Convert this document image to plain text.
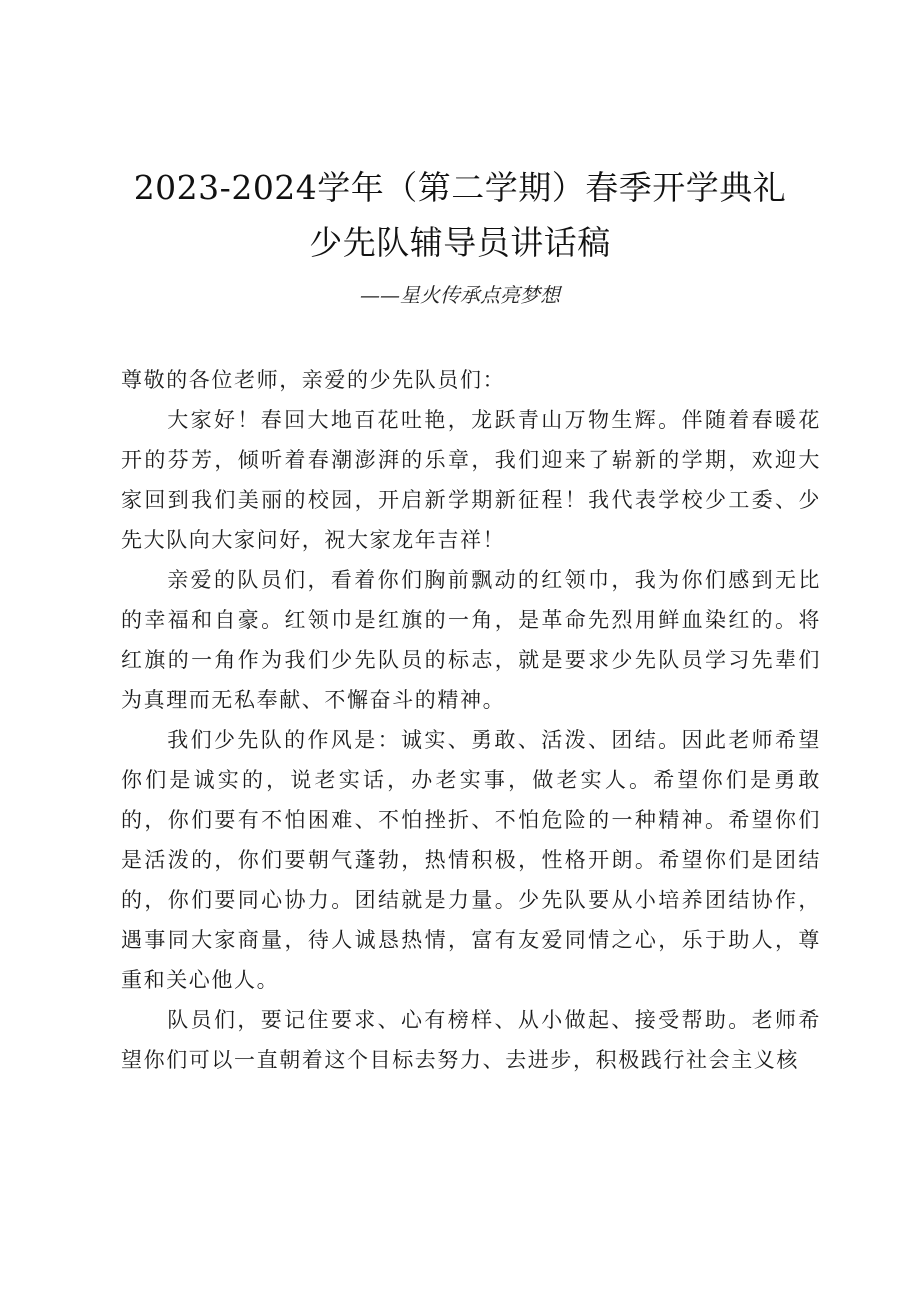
2023-2024学年（第二学期）春季开学典礼
少先队辅导员讲话稿
——星火传承点亮梦想

尊敬的各位老师，亲爱的少先队员们：

大家好！春回大地百花吐艳，龙跃青山万物生辉。伴随着春暖花开的芬芳，倾听着春潮澎湃的乐章，我们迎来了崭新的学期，欢迎大家回到我们美丽的校园，开启新学期新征程！我代表学校少工委、少先大队向大家问好，祝大家龙年吉祥！

亲爱的队员们，看着你们胸前飘动的红领巾，我为你们感到无比的幸福和自豪。红领巾是红旗的一角，是革命先烈用鲜血染红的。将红旗的一角作为我们少先队员的标志，就是要求少先队员学习先辈们为真理而无私奉献、不懈奋斗的精神。

我们少先队的作风是：诚实、勇敢、活泼、团结。因此老师希望你们是诚实的，说老实话，办老实事，做老实人。希望你们是勇敢的，你们要有不怕困难、不怕挫折、不怕危险的一种精神。希望你们是活泼的，你们要朝气蓬勃，热情积极，性格开朗。希望你们是团结的，你们要同心协力。团结就是力量。少先队要从小培养团结协作，遇事同大家商量，待人诚恳热情，富有友爱同情之心，乐于助人，尊重和关心他人。

队员们，要记住要求、心有榜样、从小做起、接受帮助。老师希望你们可以一直朝着这个目标去努力、去进步，积极践行社会主义核
